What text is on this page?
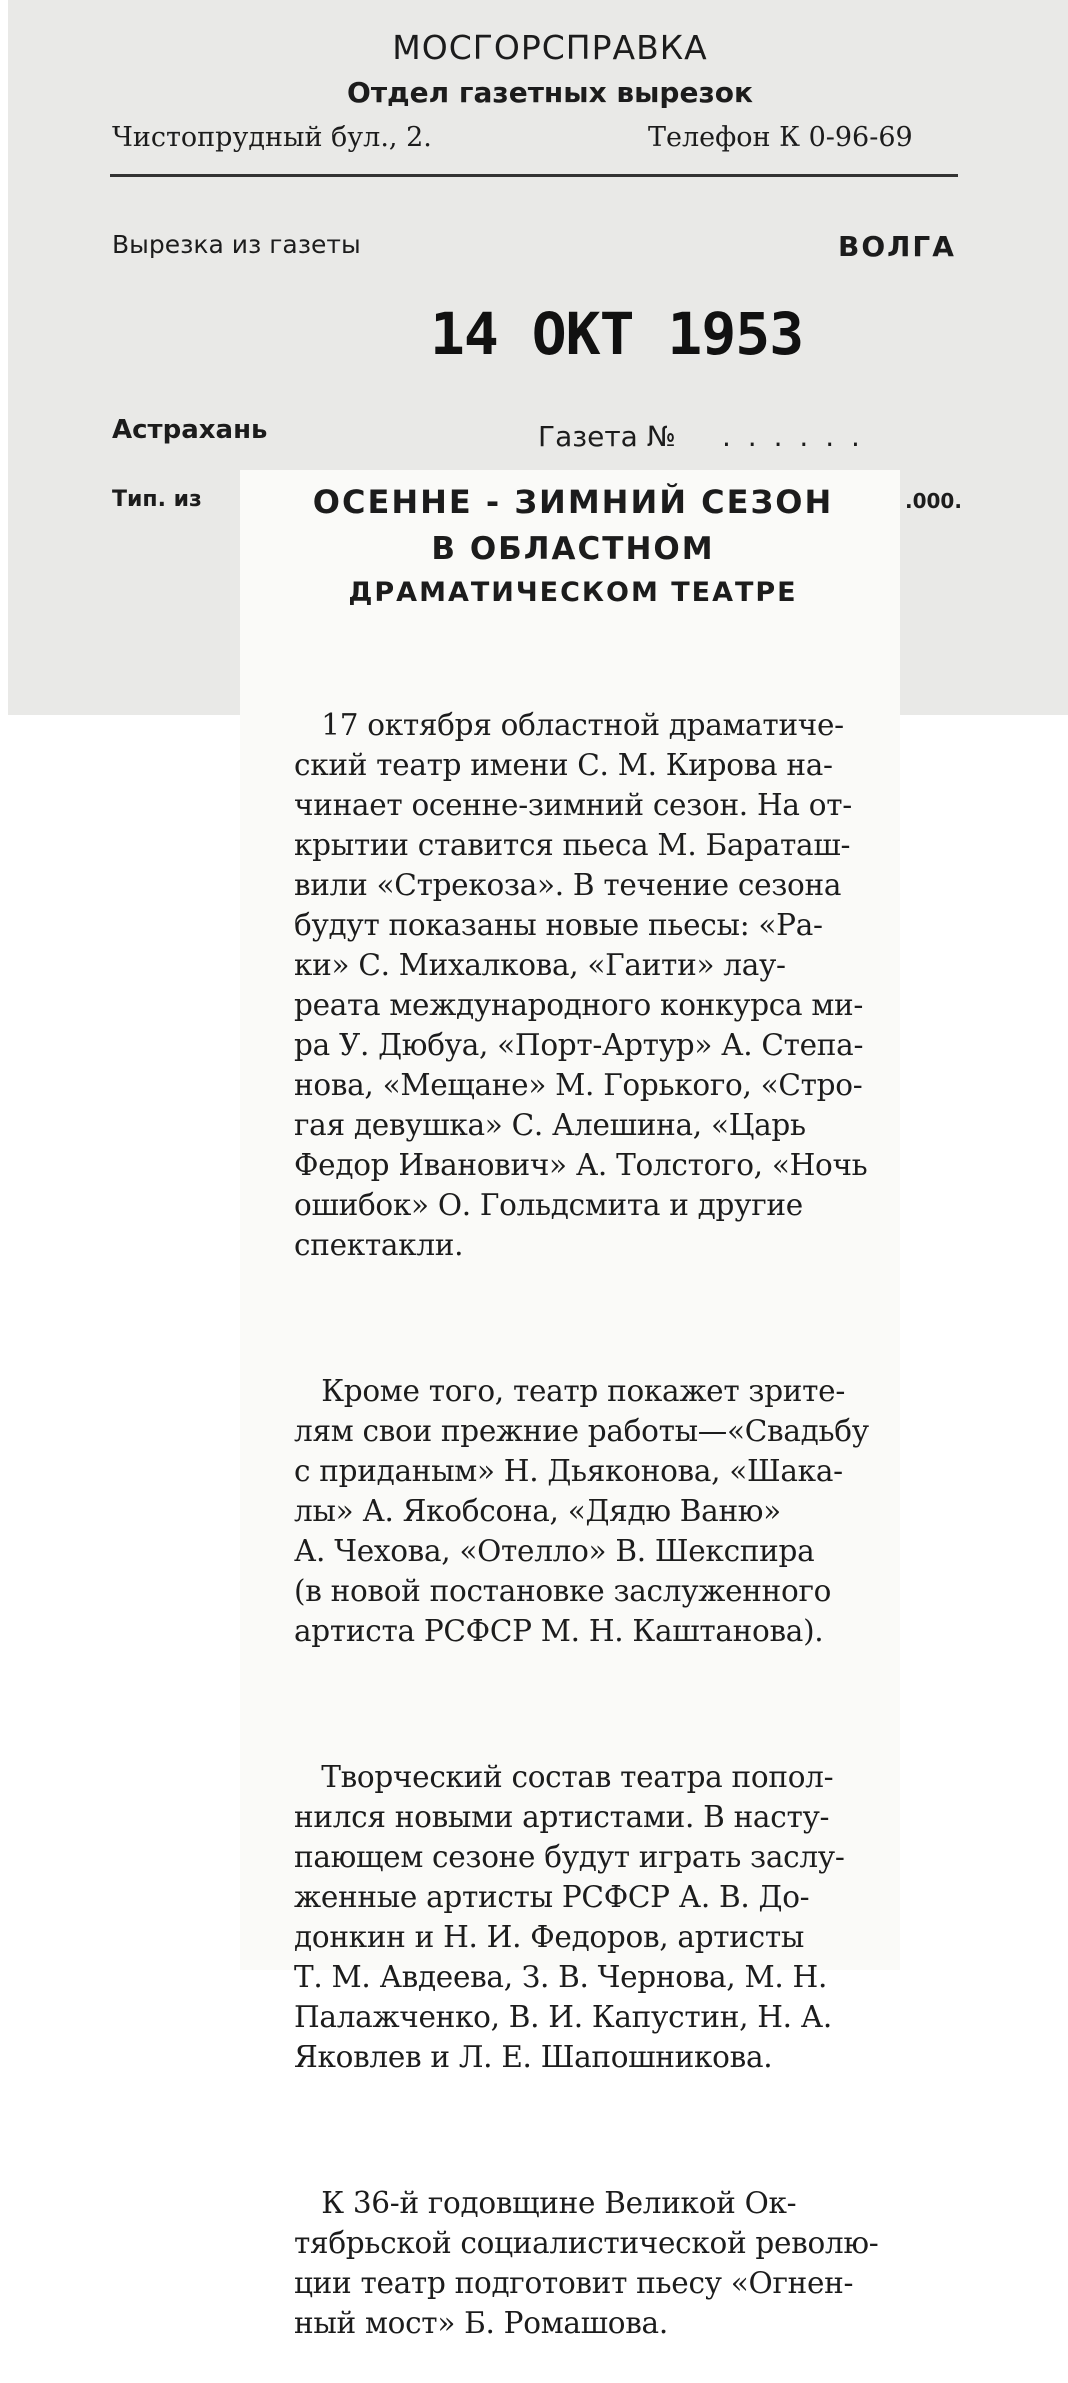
МОСГОРСПРАВКА
Отдел газетных вырезок
Чистопрудный бул., 2.	Телефон К 0-96-69
Вырезка из газеты	ВОЛГА
14 ОКТ 1953
Астрахань	Газета № . . . . . .
Тип. из	.000.
ОСЕННЕ - ЗИМНИЙ СЕЗОН
В ОБЛАСТНОМ
ДРАМАТИЧЕСКОМ ТЕАТРЕ

17 октября областной драматиче-
ский театр имени С. М. Кирова на-
чинает осенне-зимний сезон. На от-
крытии ставится пьеса М. Бараташ-
вили «Стрекоза». В течение сезона
будут показаны новые пьесы: «Ра-
ки» С. Михалкова, «Гаити» лау-
реата международного конкурса ми-
ра У. Дюбуа, «Порт-Артур» А. Степа-
нова, «Мещане» М. Горького, «Стро-
гая девушка» С. Алешина, «Царь
Федор Иванович» А. Толстого, «Ночь
ошибок» О. Гольдсмита и другие
спектакли.

Кроме того, театр покажет зрите-
лям свои прежние работы—«Свадьбу
с приданым» Н. Дьяконова, «Шака-
лы» А. Якобсона, «Дядю Ваню»
А. Чехова, «Отелло» В. Шекспира
(в новой постановке заслуженного
артиста РСФСР М. Н. Каштанова).

Творческий состав театра попол-
нился новыми артистами. В насту-
пающем сезоне будут играть заслу-
женные артисты РСФСР А. В. До-
донкин и Н. И. Федоров, артисты
Т. М. Авдеева, З. В. Чернова, М. Н.
Палажченко, В. И. Капустин, Н. А.
Яковлев и Л. Е. Шапошникова.

К 36-й годовщине Великой Ок-
тябрьской социалистической револю-
ции театр подготовит пьесу «Огнен-
ный мост» Б. Ромашова.
